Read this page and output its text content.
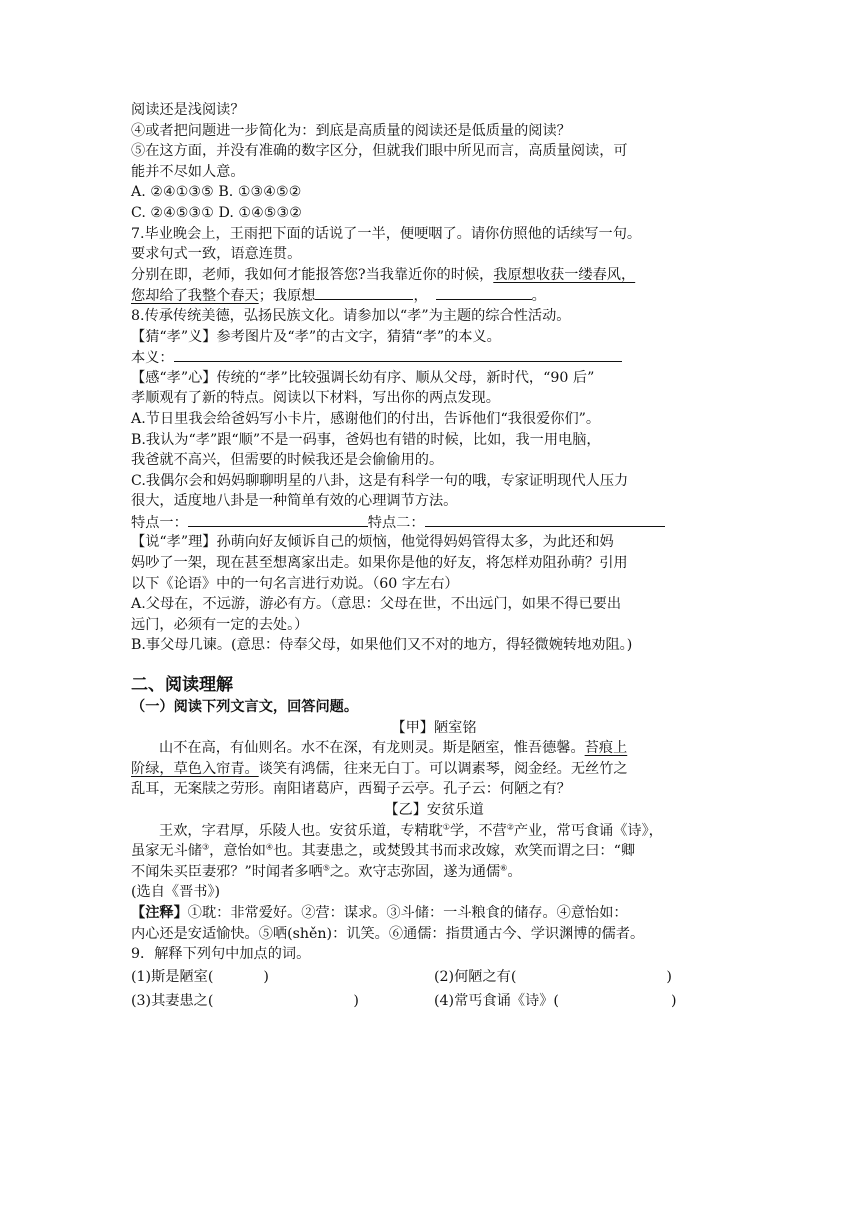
阅读还是浅阅读？
④或者把问题进一步简化为：到底是高质量的阅读还是低质量的阅读？
⑤在这方面，并没有准确的数字区分，但就我们眼中所见而言，高质量阅读，可
能并不尽如人意。
A. ②④①③⑤ B. ①③④⑤②
C. ②④⑤③① D. ①④⑤③②
7.毕业晚会上，王雨把下面的话说了一半，便哽咽了。请你仿照他的话续写一句。
要求句式一致，语意连贯。
分别在即，老师，我如何才能报答您?当我靠近你的时候，我原想收获一缕春风，
您却给了我整个春天；我原想	，	。
8.传承传统美德，弘扬民族文化。请参加以“孝”为主题的综合性活动。
【猜“孝”义】参考图片及“孝”的古文字，猜猜“孝”的本义。
本义：
【感“孝”心】传统的“孝”比较强调长幼有序、顺从父母，新时代，“90 后”
孝顺观有了新的特点。阅读以下材料，写出你的两点发现。
A.节日里我会给爸妈写小卡片，感谢他们的付出，告诉他们“我很爱你们”。
B.我认为“孝”跟“顺”不是一码事，爸妈也有错的时候，比如，我一用电脑，
我爸就不高兴，但需要的时候我还是会偷偷用的。
C.我偶尔会和妈妈聊聊明星的八卦，这是有科学一句的哦，专家证明现代人压力
很大，适度地八卦是一种简单有效的心理调节方法。
特点一：	特点二：
【说“孝”理】孙萌向好友倾诉自己的烦恼，他觉得妈妈管得太多，为此还和妈
妈吵了一架，现在甚至想离家出走。如果你是他的好友，将怎样劝阻孙萌？引用
以下《论语》中的一句名言进行劝说。（60 字左右）
A.父母在，不远游，游必有方。（意思：父母在世，不出远门，如果不得已要出
远门，必须有一定的去处。）
B.事父母几谏。(意思：侍奉父母，如果他们又不对的地方，得轻微婉转地劝阻。)
二、阅读理解
（一）阅读下列文言文，回答问题。
【甲】陋室铭
山不在高，有仙则名。水不在深，有龙则灵。斯是陋室，惟吾德馨。苔痕上
阶绿，草色入帘青。谈笑有鸿儒，往来无白丁。可以调素琴，阅金经。无丝竹之
乱耳，无案牍之劳形。南阳诸葛庐，西蜀子云亭。孔子云：何陋之有？
【乙】安贫乐道
王欢，字君厚，乐陵人也。安贫乐道，专精耽①学，不营②产业，常丐食诵《诗》，
虽家无斗储③，意怡如④也。其妻患之，或焚毁其书而求改嫁，欢笑而谓之曰：“卿
不闻朱买臣妻邪？”时闻者多哂⑤之。欢守志弥固，遂为通儒⑥。
(选自《晋书》)
【注释】①耽：非常爱好。②营：谋求。③斗储：一斗粮食的储存。④意怡如：
内心还是安适愉快。⑤哂(shěn)：讥笑。⑥通儒：指贯通古今、学识渊博的儒者。
9．解释下列句中加点的词。
(1)斯是陋室(	)	(2)何陋之有(	)
(3)其妻患之(	)	(4)常丐食诵《诗》(	)
